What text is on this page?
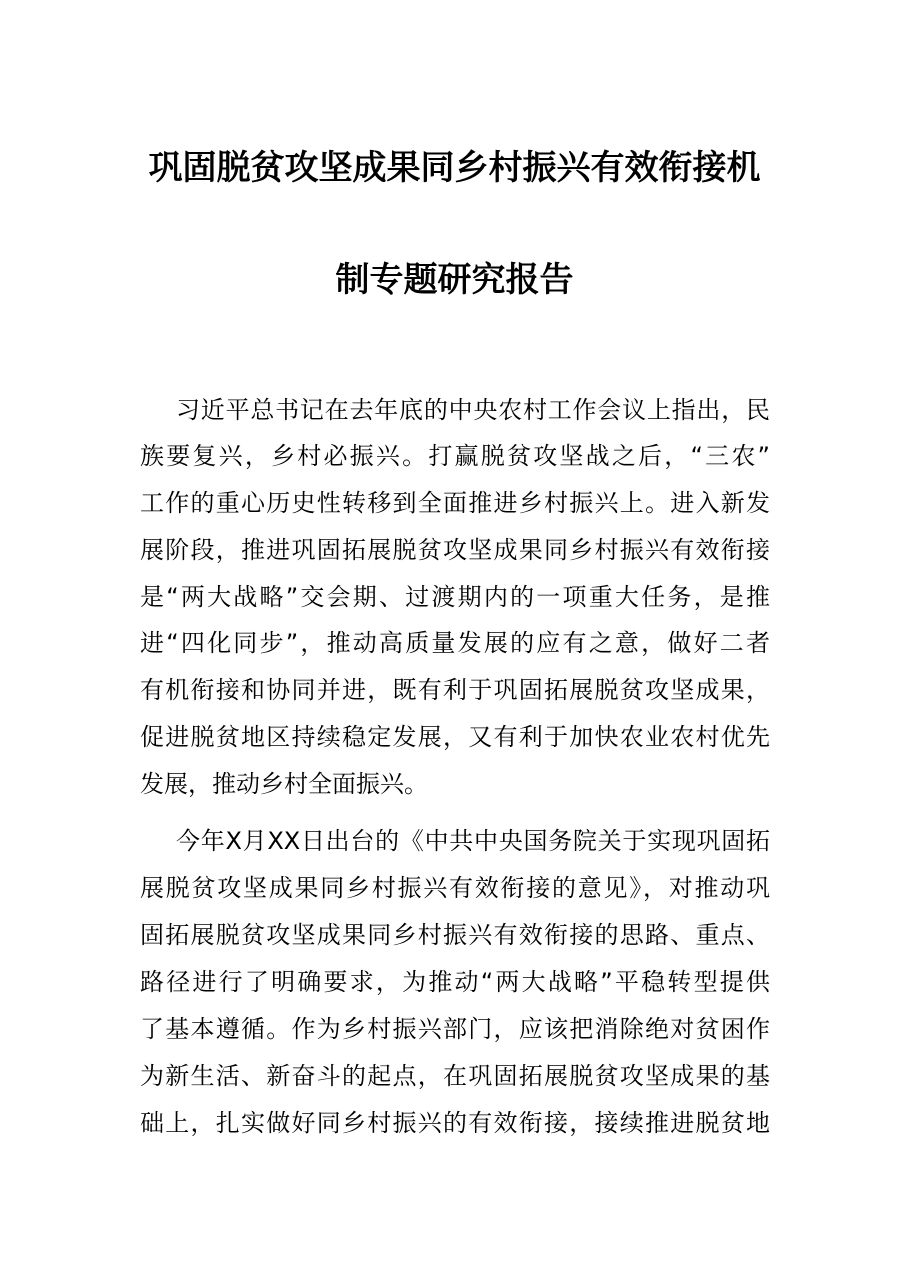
巩固脱贫攻坚成果同乡村振兴有效衔接机
制专题研究报告
习近平总书记在去年底的中央农村工作会议上指出，民
族要复兴，乡村必振兴。打赢脱贫攻坚战之后，“三农”
工作的重心历史性转移到全面推进乡村振兴上。进入新发
展阶段，推进巩固拓展脱贫攻坚成果同乡村振兴有效衔接
是“两大战略”交会期、过渡期内的一项重大任务，是推
进“四化同步”，推动高质量发展的应有之意，做好二者
有机衔接和协同并进，既有利于巩固拓展脱贫攻坚成果，
促进脱贫地区持续稳定发展，又有利于加快农业农村优先
发展，推动乡村全面振兴。
今年X月XX日出台的《中共中央国务院关于实现巩固拓
展脱贫攻坚成果同乡村振兴有效衔接的意见》，对推动巩
固拓展脱贫攻坚成果同乡村振兴有效衔接的思路、重点、
路径进行了明确要求，为推动“两大战略”平稳转型提供
了基本遵循。作为乡村振兴部门，应该把消除绝对贫困作
为新生活、新奋斗的起点，在巩固拓展脱贫攻坚成果的基
础上，扎实做好同乡村振兴的有效衔接，接续推进脱贫地
